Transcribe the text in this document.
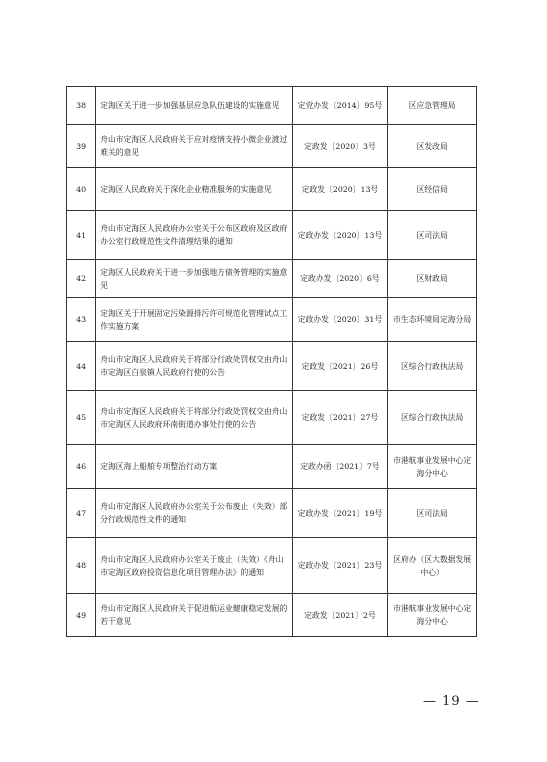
38	定海区关于进一步加强基层应急队伍建设的实施意见	定党办发〔2014〕95号	区应急管理局
39	舟山市定海区人民政府关于应对疫情支持小微企业渡过难关的意见	定政发〔2020〕3号	区发改局
40	定海区人民政府关于深化企业精准服务的实施意见	定政发〔2020〕13号	区经信局
41	舟山市定海区人民政府办公室关于公布区政府及区政府办公室行政规范性文件清理结果的通知	定政办发〔2020〕13号	区司法局
42	定海区人民政府关于进一步加强地方债务管理的实施意见	定政办发〔2020〕6号	区财政局
43	定海区关于开展固定污染源排污许可规范化管理试点工作实施方案	定政办发〔2020〕31号	市生态环境局定海分局
44	舟山市定海区人民政府关于将部分行政处罚权交由舟山市定海区白泉镇人民政府行使的公告	定政发〔2021〕26号	区综合行政执法局
45	舟山市定海区人民政府关于将部分行政处罚权交由舟山市定海区人民政府环南街道办事处行使的公告	定政发〔2021〕27号	区综合行政执法局
46	定海区海上船舶专项整治行动方案	定政办函〔2021〕7号	市港航事业发展中心定海分中心
47	舟山市定海区人民政府办公室关于公布废止（失效）部分行政规范性文件的通知	定政办发〔2021〕19号	区司法局
48	舟山市定海区人民政府办公室关于废止（失效）《舟山市定海区政府投资信息化项目管理办法》的通知	定政办发〔2021〕23号	区府办（区大数据发展中心）
49	舟山市定海区人民政府关于促进航运业健康稳定发展的若干意见	定政发〔2021〕2号	市港航事业发展中心定海分中心
— 19 —
